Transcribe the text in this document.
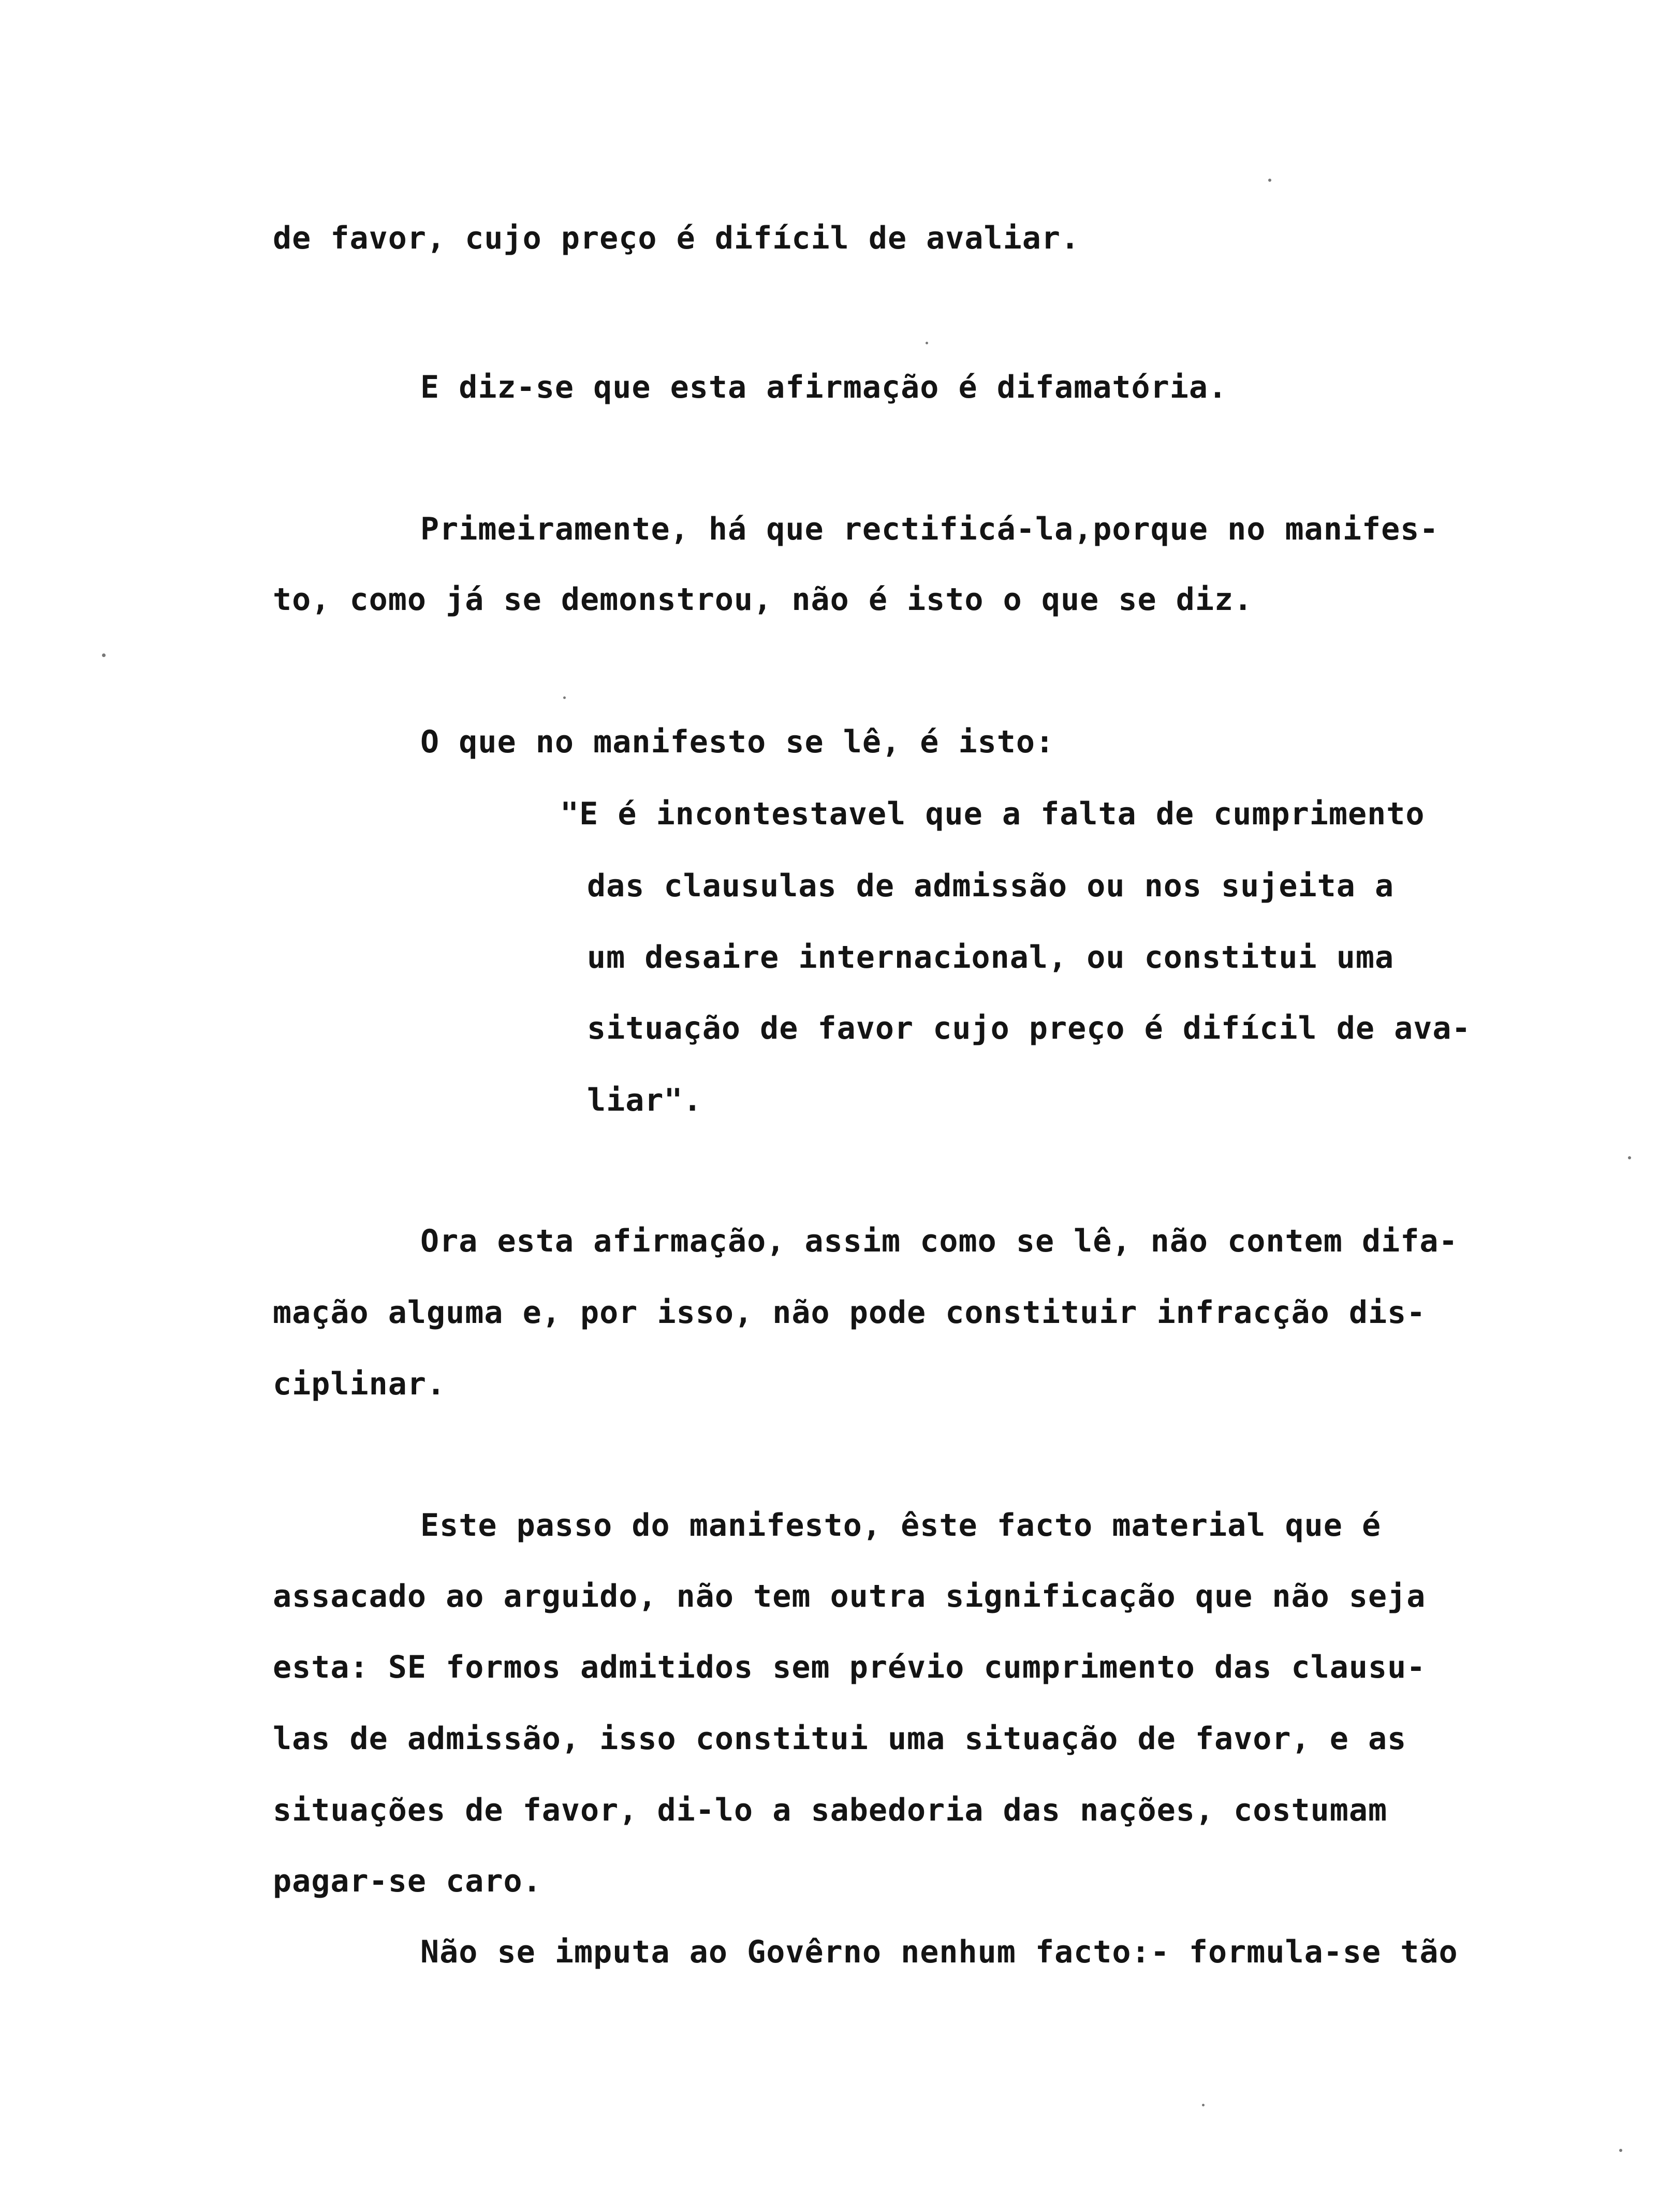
de favor, cujo preço é difícil de avaliar.
E diz-se que esta afirmação é difamatória.
Primeiramente, há que rectificá-la,porque no manifes-
to, como já se demonstrou, não é isto o que se diz.
O que no manifesto se lê, é isto:
"E é incontestavel que a falta de cumprimento
das clausulas de admissão ou nos sujeita a
um desaire internacional, ou constitui uma
situação de favor cujo preço é difícil de ava-
liar".
Ora esta afirmação, assim como se lê, não contem difa-
mação alguma e, por isso, não pode constituir infracção dis-
ciplinar.
Este passo do manifesto, êste facto material que é
assacado ao arguido, não tem outra significação que não seja
esta: SE formos admitidos sem prévio cumprimento das clausu-
las de admissão, isso constitui uma situação de favor, e as
situações de favor, di-lo a sabedoria das nações, costumam
pagar-se caro.
Não se imputa ao Govêrno nenhum facto:- formula-se tão
